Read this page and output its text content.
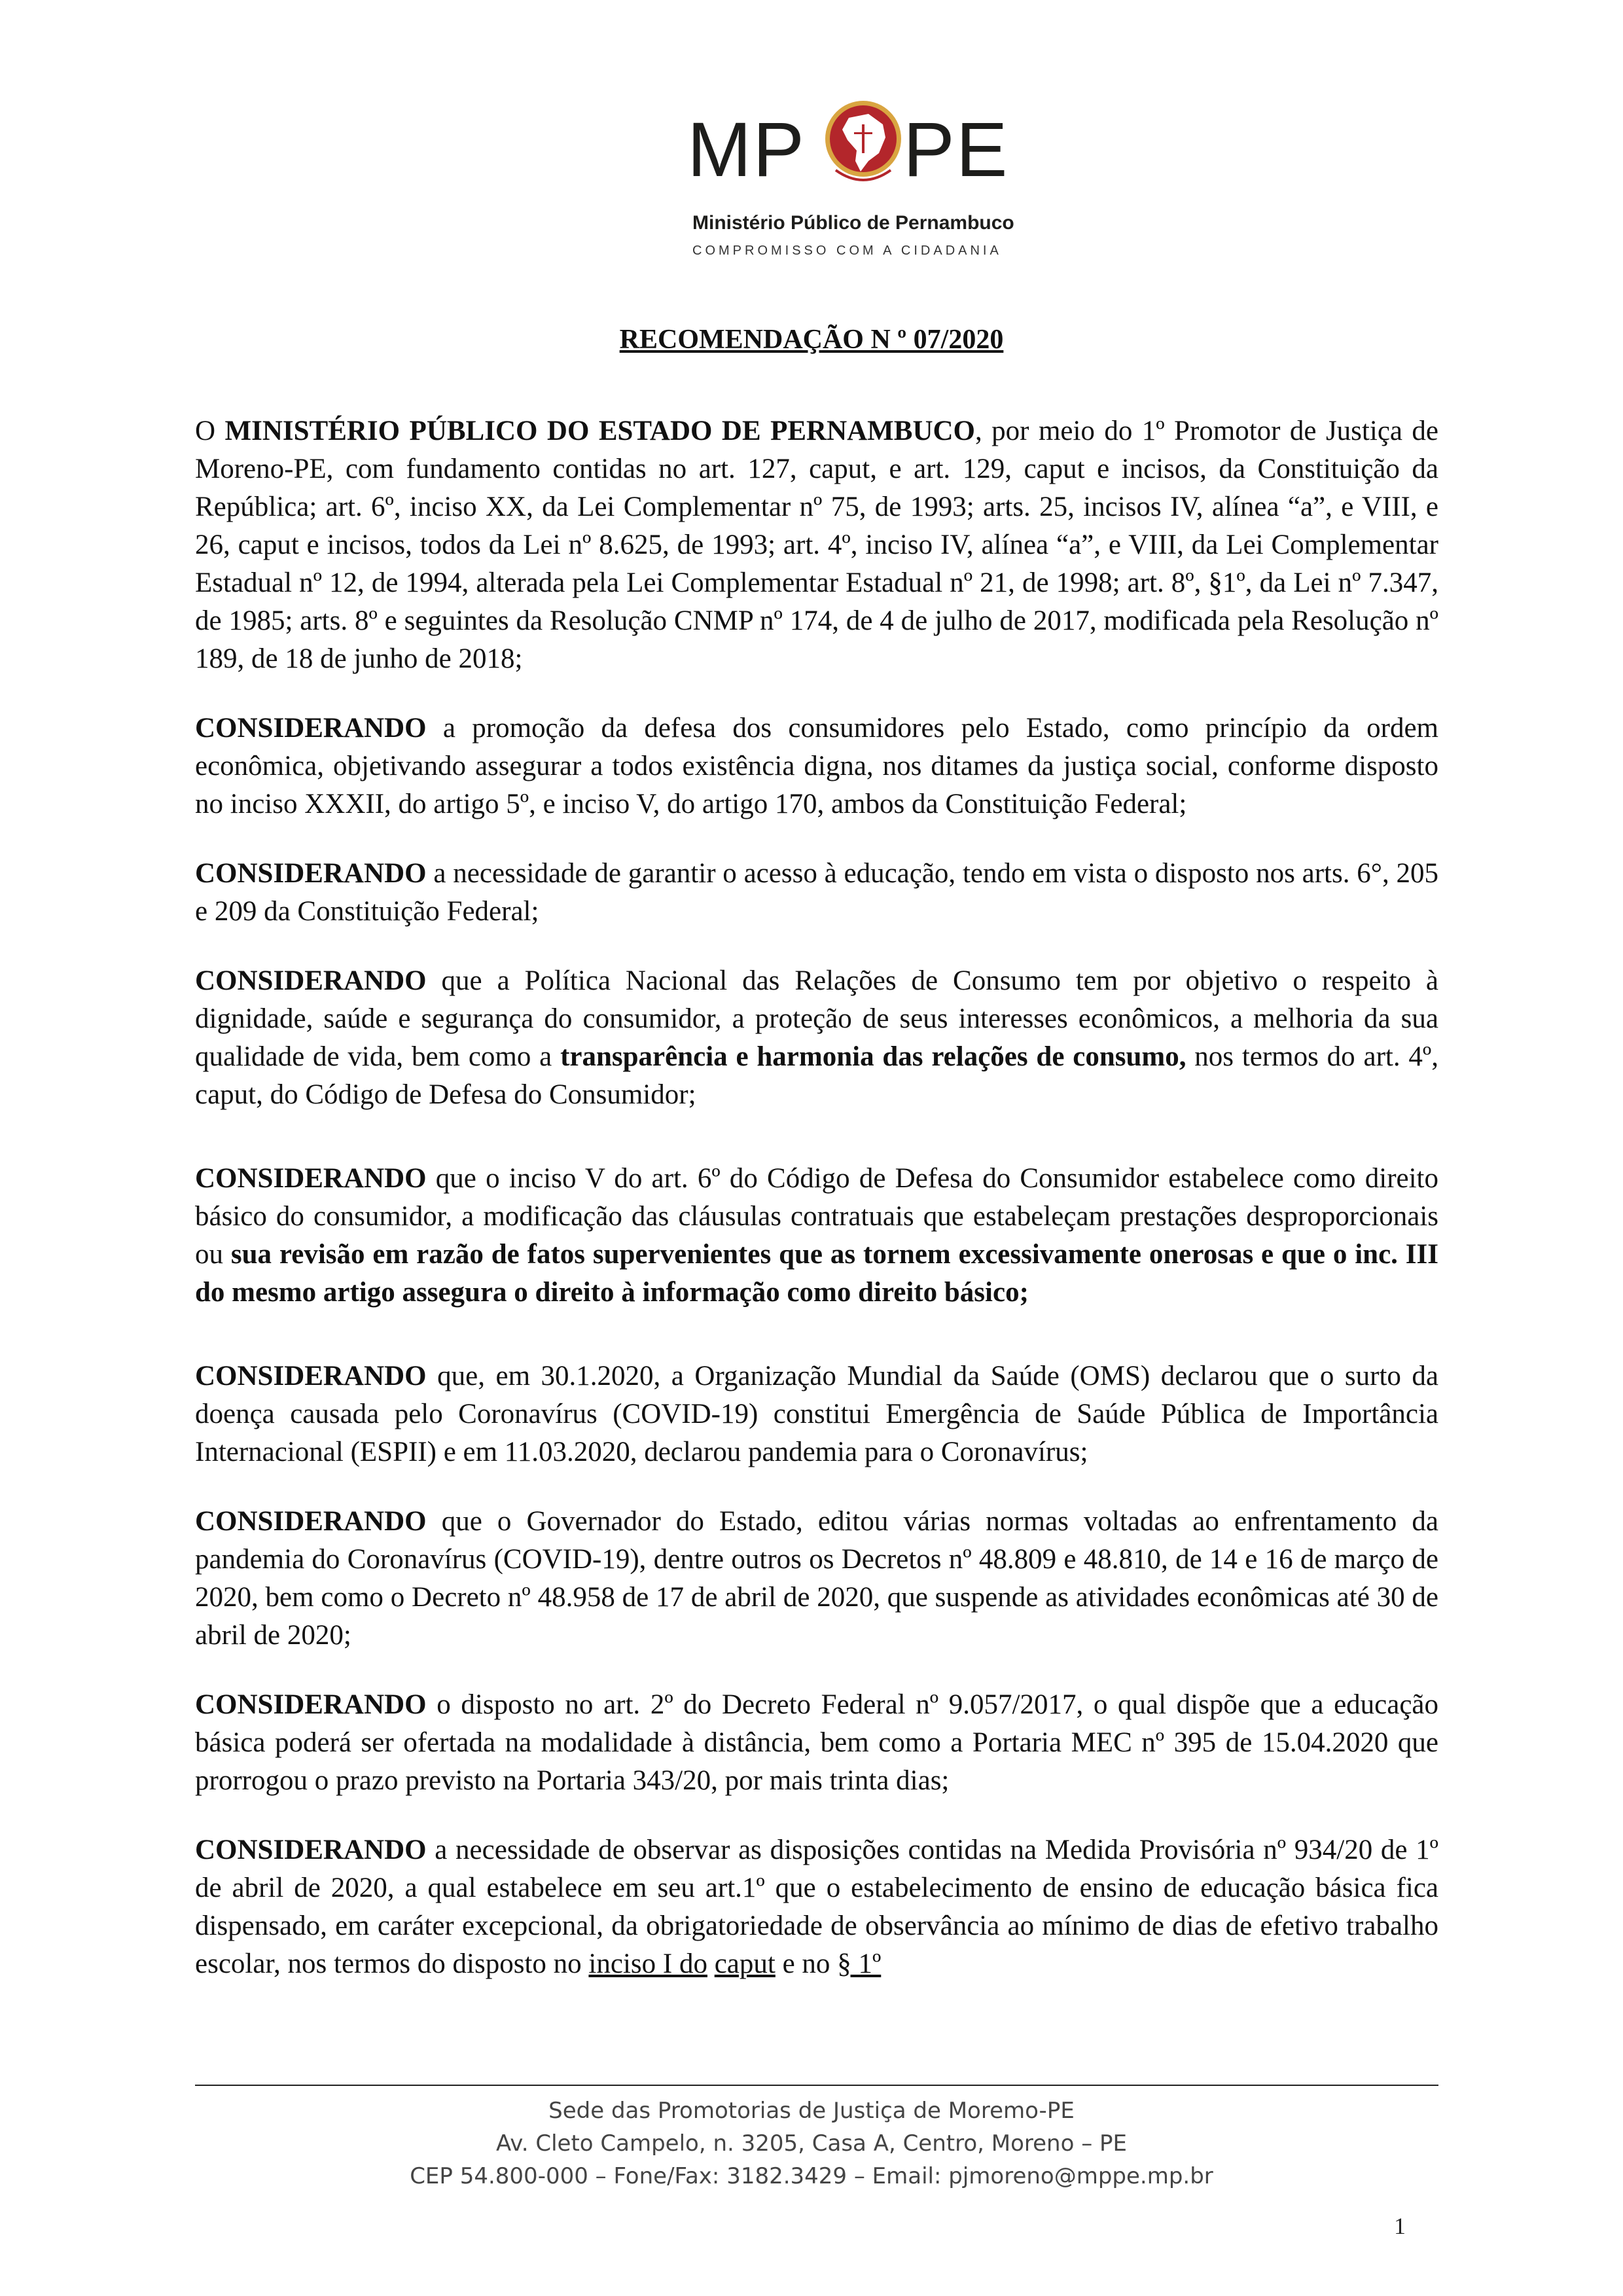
MP PE
Ministério Público de Pernambuco
COMPROMISSO COM A CIDADANIA
RECOMENDAÇÃO N º 07/2020

O MINISTÉRIO PÚBLICO DO ESTADO DE PERNAMBUCO, por meio do 1º Promotor de Justiça de Moreno-PE, com fundamento contidas no art. 127, caput, e art. 129, caput e incisos, da Constituição da República; art. 6º, inciso XX, da Lei Complementar nº 75, de 1993; arts. 25, incisos IV, alínea “a”, e VIII, e 26, caput e incisos, todos da Lei nº 8.625, de 1993; art. 4º, inciso IV, alínea “a”, e VIII, da Lei Complementar Estadual nº 12, de 1994, alterada pela Lei Complementar Estadual nº 21, de 1998; art. 8º, §1º, da Lei nº 7.347, de 1985; arts. 8º e seguintes da Resolução CNMP nº 174, de 4 de julho de 2017, modificada pela Resolução nº 189, de 18 de junho de 2018;

CONSIDERANDO a promoção da defesa dos consumidores pelo Estado, como princípio da ordem econômica, objetivando assegurar a todos existência digna, nos ditames da justiça social, conforme disposto no inciso XXXII, do artigo 5º, e inciso V, do artigo 170, ambos da Constituição Federal;

CONSIDERANDO a necessidade de garantir o acesso à educação, tendo em vista o disposto nos arts. 6°, 205 e 209 da Constituição Federal;

CONSIDERANDO que a Política Nacional das Relações de Consumo tem por objetivo o respeito à dignidade, saúde e segurança do consumidor, a proteção de seus interesses econômicos, a melhoria da sua qualidade de vida, bem como a transparência e harmonia das relações de consumo, nos termos do art. 4º, caput, do Código de Defesa do Consumidor;

CONSIDERANDO que o inciso V do art. 6º do Código de Defesa do Consumidor estabelece como direito básico do consumidor, a modificação das cláusulas contratuais que estabeleçam prestações desproporcionais ou sua revisão em razão de fatos supervenientes que as tornem excessivamente onerosas e que o inc. III do mesmo artigo assegura o direito à informação como direito básico;

CONSIDERANDO que, em 30.1.2020, a Organização Mundial da Saúde (OMS) declarou que o surto da doença causada pelo Coronavírus (COVID-19) constitui Emergência de Saúde Pública de Importância Internacional (ESPII) e em 11.03.2020, declarou pandemia para o Coronavírus;

CONSIDERANDO que o Governador do Estado, editou várias normas voltadas ao enfrentamento da pandemia do Coronavírus (COVID-19), dentre outros os Decretos nº 48.809 e 48.810, de 14 e 16 de março de 2020, bem como o Decreto nº 48.958 de 17 de abril de 2020, que suspende as atividades econômicas até 30 de abril de 2020;

CONSIDERANDO o disposto no art. 2º do Decreto Federal nº 9.057/2017, o qual dispõe que a educação básica poderá ser ofertada na modalidade à distância, bem como a Portaria MEC nº 395 de 15.04.2020 que prorrogou o prazo previsto na Portaria 343/20, por mais trinta dias;

CONSIDERANDO a necessidade de observar as disposições contidas na Medida Provisória nº 934/20 de 1º de abril de 2020, a qual estabelece em seu art.1º que o estabelecimento de ensino de educação básica fica dispensado, em caráter excepcional, da obrigatoriedade de observância ao mínimo de dias de efetivo trabalho escolar, nos termos do disposto no inciso I do caput e no § 1º

Sede das Promotorias de Justiça de Moremo-PE
Av. Cleto Campelo, n. 3205, Casa A, Centro, Moreno – PE
CEP 54.800-000 – Fone/Fax: 3182.3429 – Email: pjmoreno@mppe.mp.br
1
